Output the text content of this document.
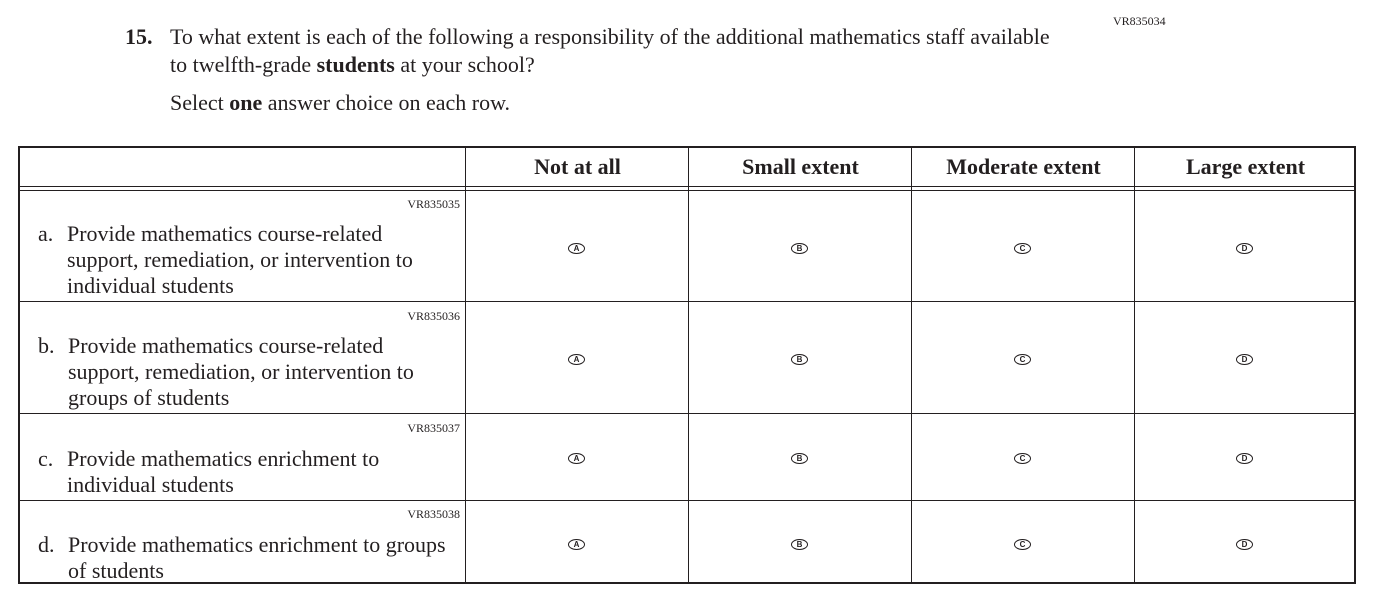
VR835034
15. To what extent is each of the following a responsibility of the additional mathematics staff available to twelfth-grade students at your school?
Select one answer choice on each row.
Not at all	Small extent	Moderate extent	Large extent
VR835035
a. Provide mathematics course-related support, remediation, or intervention to individual students
A	B	C	D
VR835036
b. Provide mathematics course-related support, remediation, or intervention to groups of students
A	B	C	D
VR835037
c. Provide mathematics enrichment to individual students
A	B	C	D
VR835038
d. Provide mathematics enrichment to groups of students
A	B	C	D
